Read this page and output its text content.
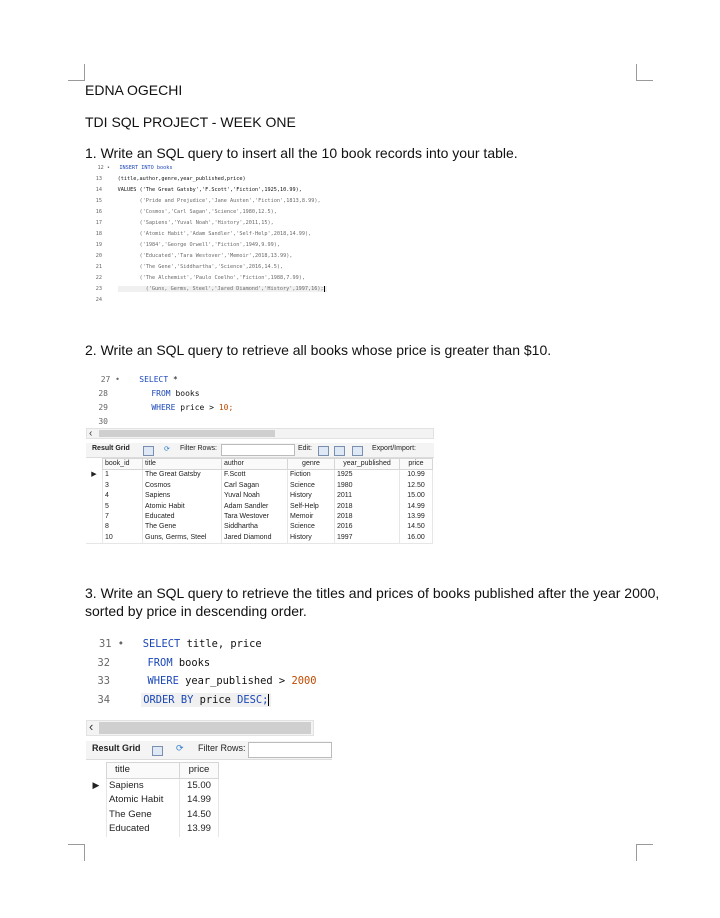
EDNA OGECHI
TDI SQL PROJECT - WEEK ONE
1. Write an SQL query to insert all the 10 book records into your table.
12 • INSERT INTO books
13	(title,author,genre,year_published,price)
14	VALUES ('The Great Gatsby','F.Scott','Fiction',1925,10.99),
15	('Pride and Prejudice','Jane Austen','Fiction',1813,8.99),
16	('Cosmos','Carl Sagan','Science',1980,12.5),
17	('Sapiens','Yuval Noah','History',2011,15),
18	('Atomic Habit','Adam Sandler','Self-Help',2018,14.99),
19	('1984','George Orwell','Fiction',1949,9.99),
20	('Educated','Tara Westover','Memoir',2018,13.99),
21	('The Gene','Siddhartha','Science',2016,14.5),
22	('The Alchemist','Paulo Coelho','Fiction',1988,7.99),
23	('Guns, Germs, Steel','Jared Diamond','History',1997,16);
24
2. Write an SQL query to retrieve all books whose price is greater than $10.
27 • SELECT *
28	FROM books
29	WHERE price > 10;
30
‹
Result Grid	⟳ Filter Rows:	Edit:	Export/Import:
	book_id	title	author	genre	year_published	price
▶	1	The Great Gatsby	F.Scott	Fiction	1925	10.99
	3	Cosmos	Carl Sagan	Science	1980	12.50
	4	Sapiens	Yuval Noah	History	2011	15.00
	5	Atomic Habit	Adam Sandler	Self-Help	2018	14.99
	7	Educated	Tara Westover	Memoir	2018	13.99
	8	The Gene	Siddhartha	Science	2016	14.50
	10	Guns, Germs, Steel	Jared Diamond	History	1997	16.00
3. Write an SQL query to retrieve the titles and prices of books published after the year 2000,
sorted by price in descending order.
31 • SELECT title, price
32	FROM books
33	WHERE year_published > 2000
34	ORDER BY price DESC;
‹
Result Grid	⟳ Filter Rows:
	title	price
▶	Sapiens	15.00
	Atomic Habit	14.99
	The Gene	14.50
	Educated	13.99
